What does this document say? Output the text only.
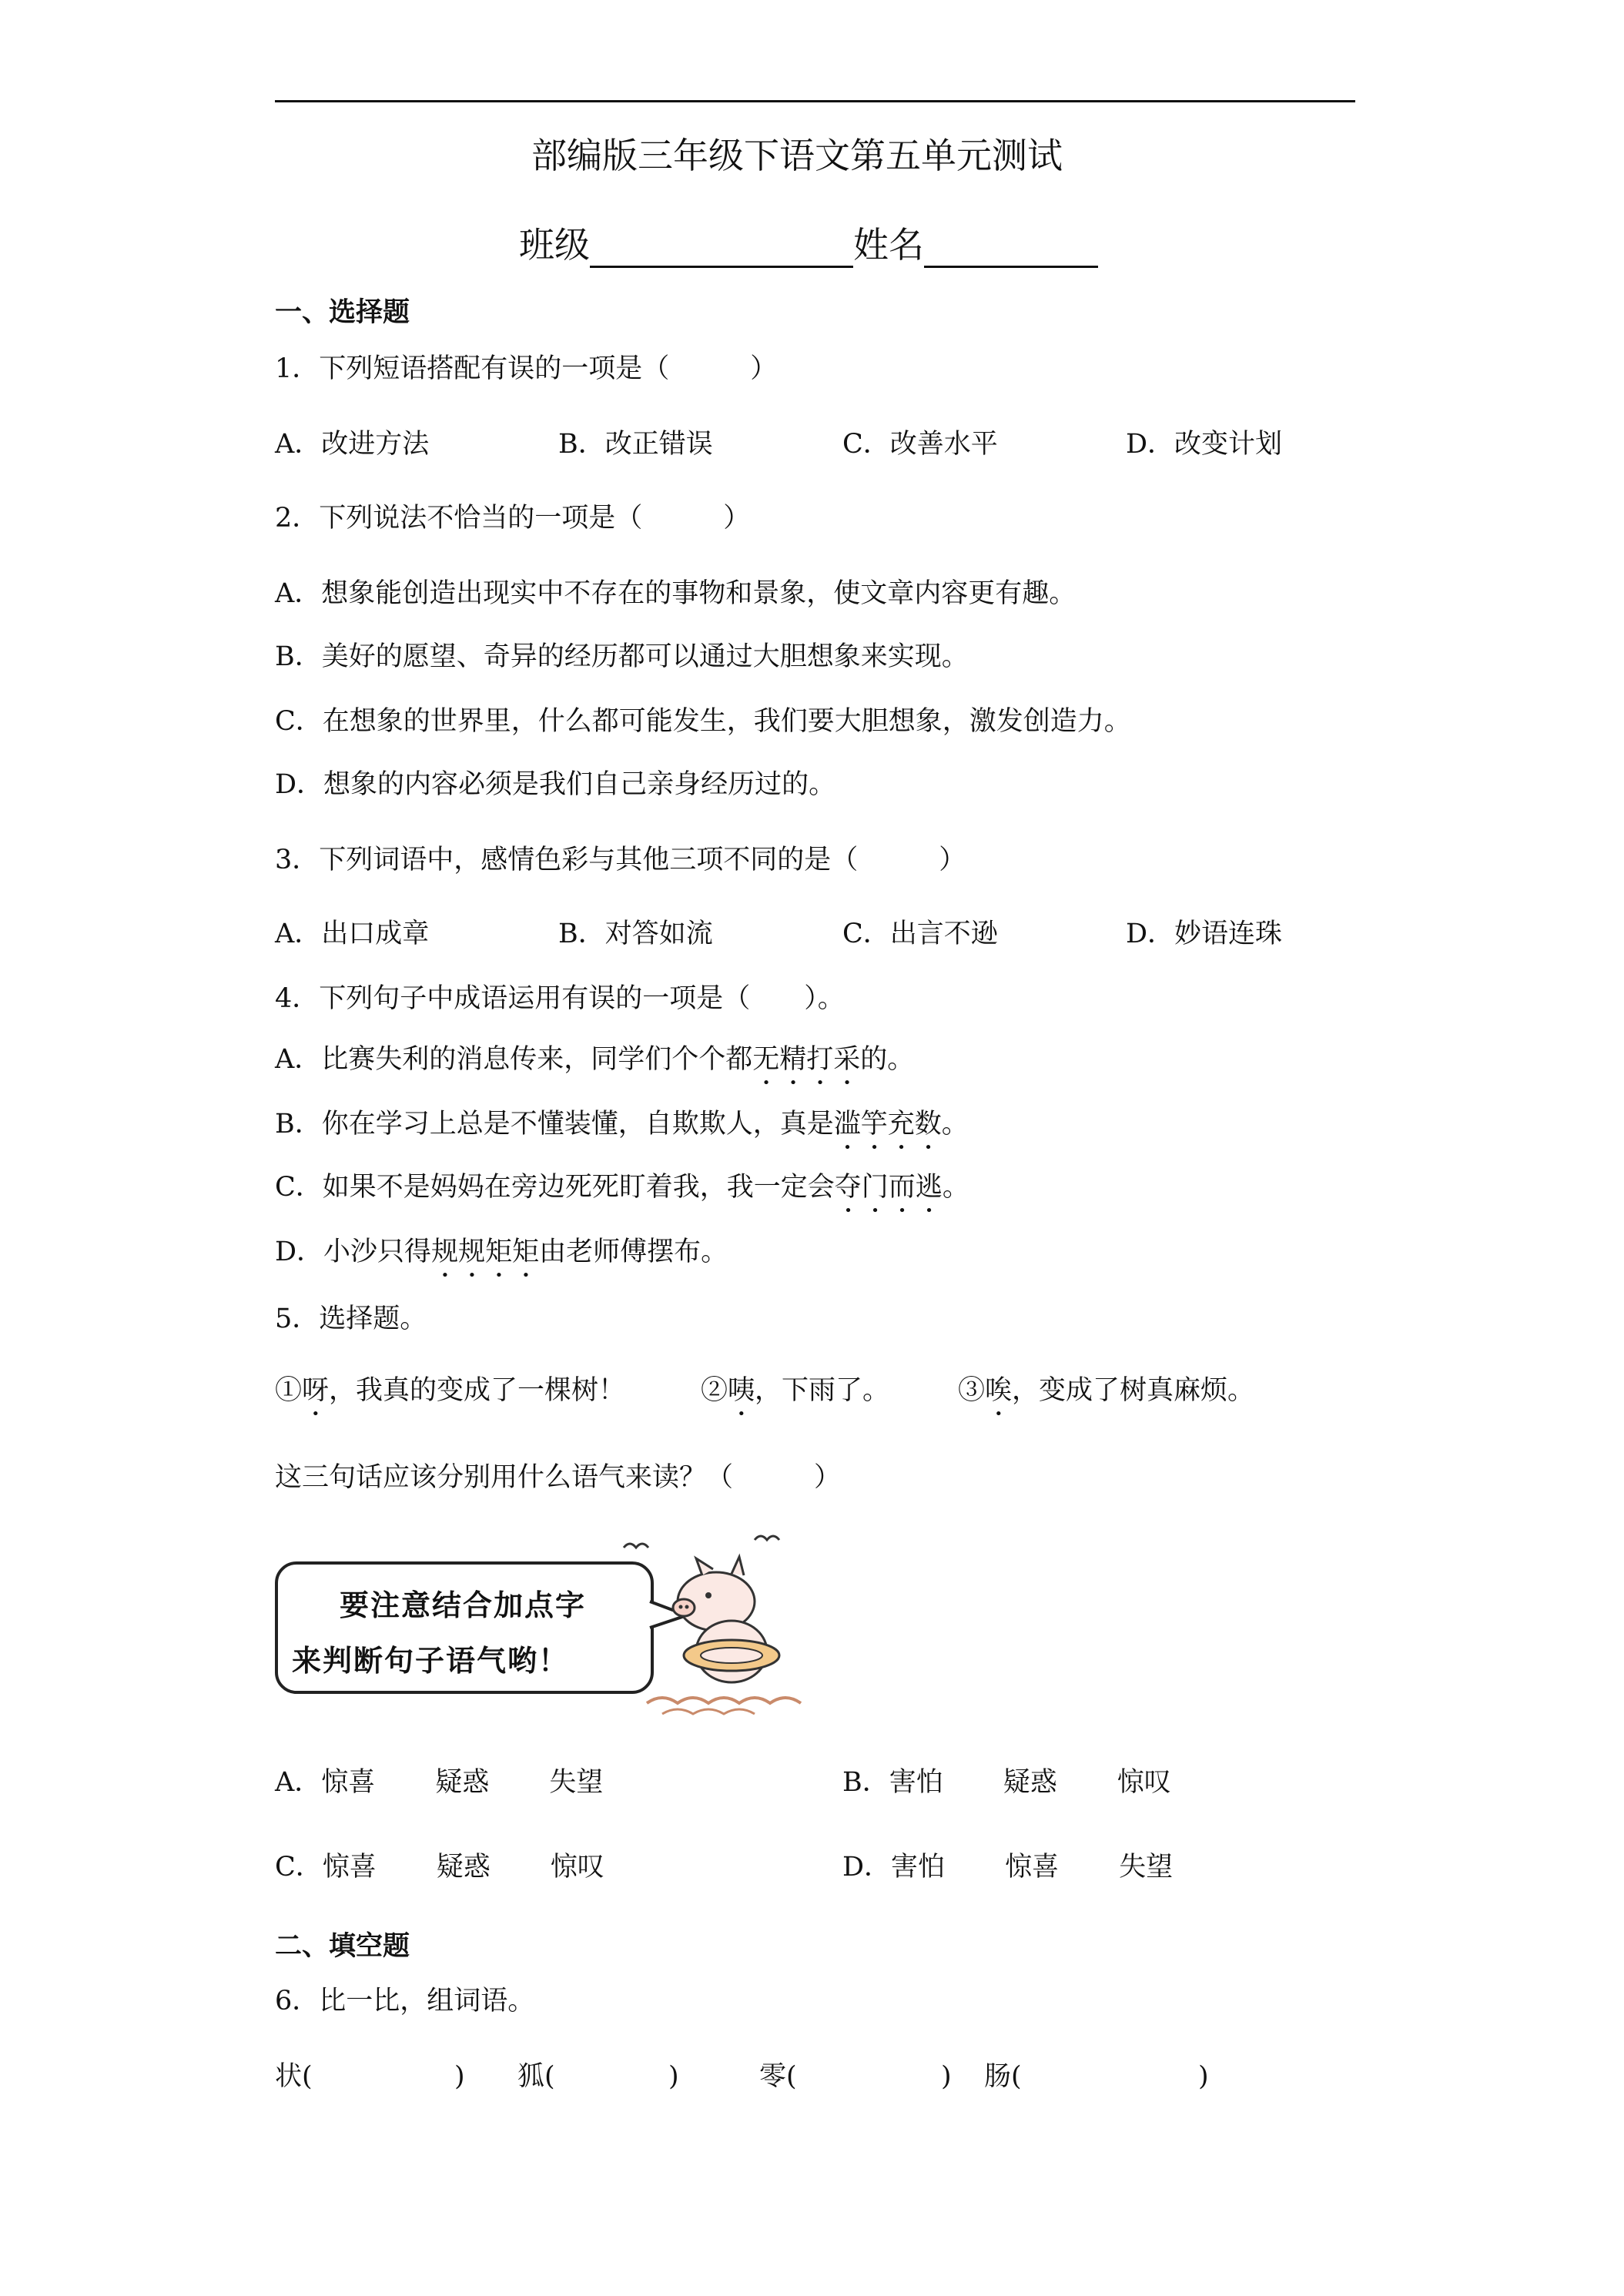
部编版三年级下语文第五单元测试
班级	姓名
一、选择题
1．下列短语搭配有误的一项是（　　　）
A．改进方法	B．改正错误	C．改善水平	D．改变计划
2．下列说法不恰当的一项是（　　　）
A．想象能创造出现实中不存在的事物和景象，使文章内容更有趣。
B．美好的愿望、奇异的经历都可以通过大胆想象来实现。
C．在想象的世界里，什么都可能发生，我们要大胆想象，激发创造力。
D．想象的内容必须是我们自己亲身经历过的。
3．下列词语中，感情色彩与其他三项不同的是（　　　）
A．出口成章	B．对答如流	C．出言不逊	D．妙语连珠
4．下列句子中成语运用有误的一项是（　　）。
A．比赛失利的消息传来，同学们个个都无精打采的。
B．你在学习上总是不懂装懂，自欺欺人，真是滥竽充数。
C．如果不是妈妈在旁边死死盯着我，我一定会夺门而逃。
D．小沙只得规规矩矩由老师傅摆布。
5．选择题。
①呀，我真的变成了一棵树！	②咦，下雨了。	③唉，变成了树真麻烦。
这三句话应该分别用什么语气来读？（　　　）
要注意结合加点字
来判断句子语气哟！
A．惊喜 疑惑 失望	B．害怕 疑惑 惊叹
C．惊喜 疑惑 惊叹	D．害怕 惊喜 失望
二、填空题
6．比一比，组词语。
状(	) 狐(	)	零(	) 肠(	)
